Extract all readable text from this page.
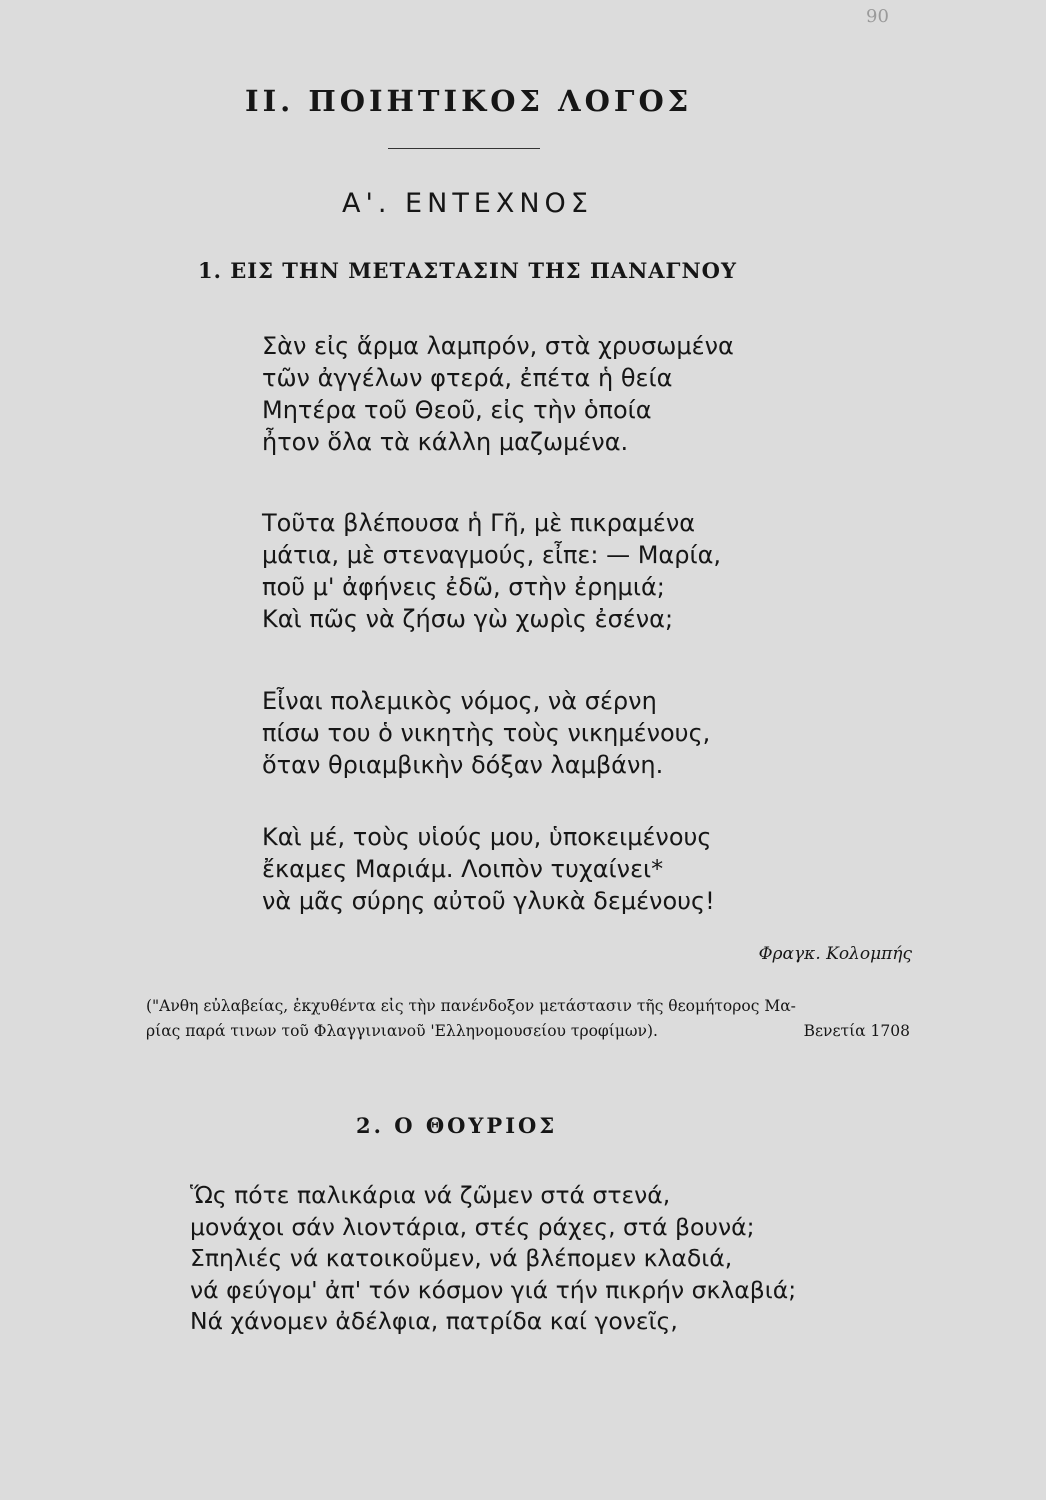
90
II. ΠΟΙΗΤΙΚΟΣ ΛΟΓΟΣ
Α'. ΕΝΤΕΧΝΟΣ
1. ΕΙΣ ΤΗΝ ΜΕΤΑΣΤΑΣΙΝ ΤΗΣ ΠΑΝΑΓΝΟΥ
Σὰν εἰς ἅρμα λαμπρόν, στὰ χρυσωμένα
τῶν ἀγγέλων φτερά, ἐπέτα ἡ θεία
Μητέρα τοῦ Θεοῦ, εἰς τὴν ὁποία
ἦτον ὅλα τὰ κάλλη μαζωμένα.
Τοῦτα βλέπουσα ἡ Γῆ, μὲ πικραμένα
μάτια, μὲ στεναγμούς, εἶπε: — Μαρία,
ποῦ μ' ἀφήνεις ἐδῶ, στὴν ἐρημιά;
Καὶ πῶς νὰ ζήσω γὼ χωρὶς ἐσένα;
Εἶναι πολεμικὸς νόμος, νὰ σέρνη
πίσω του ὁ νικητὴς τοὺς νικημένους,
ὅταν θριαμβικὴν δόξαν λαμβάνη.
Καὶ μέ, τοὺς υἱούς μου, ὑποκειμένους
ἔκαμες Μαριάμ. Λοιπὸν τυχαίνει*
νὰ μᾶς σύρης αὐτοῦ γλυκὰ δεμένους!
Φραγκ. Κολομπής
("Ανθη εὐλαβείας, ἐκχυθέντα εἰς τὴν πανένδοξον μετάστασιν τῆς θεομήτορος Μα-
ρίας παρά τινων τοῦ Φλαγγινιανοῦ 'Ελληνομουσείου τροφίμων).	Βενετία 1708
2. Ο ΘΟΥΡΙΟΣ
Ὥς πότε παλικάρια νά ζῶμεν στά στενά,
μονάχοι σάν λιοντάρια, στές ράχες, στά βουνά;
Σπηλιές νά κατοικοῦμεν, νά βλέπομεν κλαδιά,
νά φεύγομ' ἀπ' τόν κόσμον γιά τήν πικρήν σκλαβιά;
Νά χάνομεν ἀδέλφια, πατρίδα καί γονεῖς,
